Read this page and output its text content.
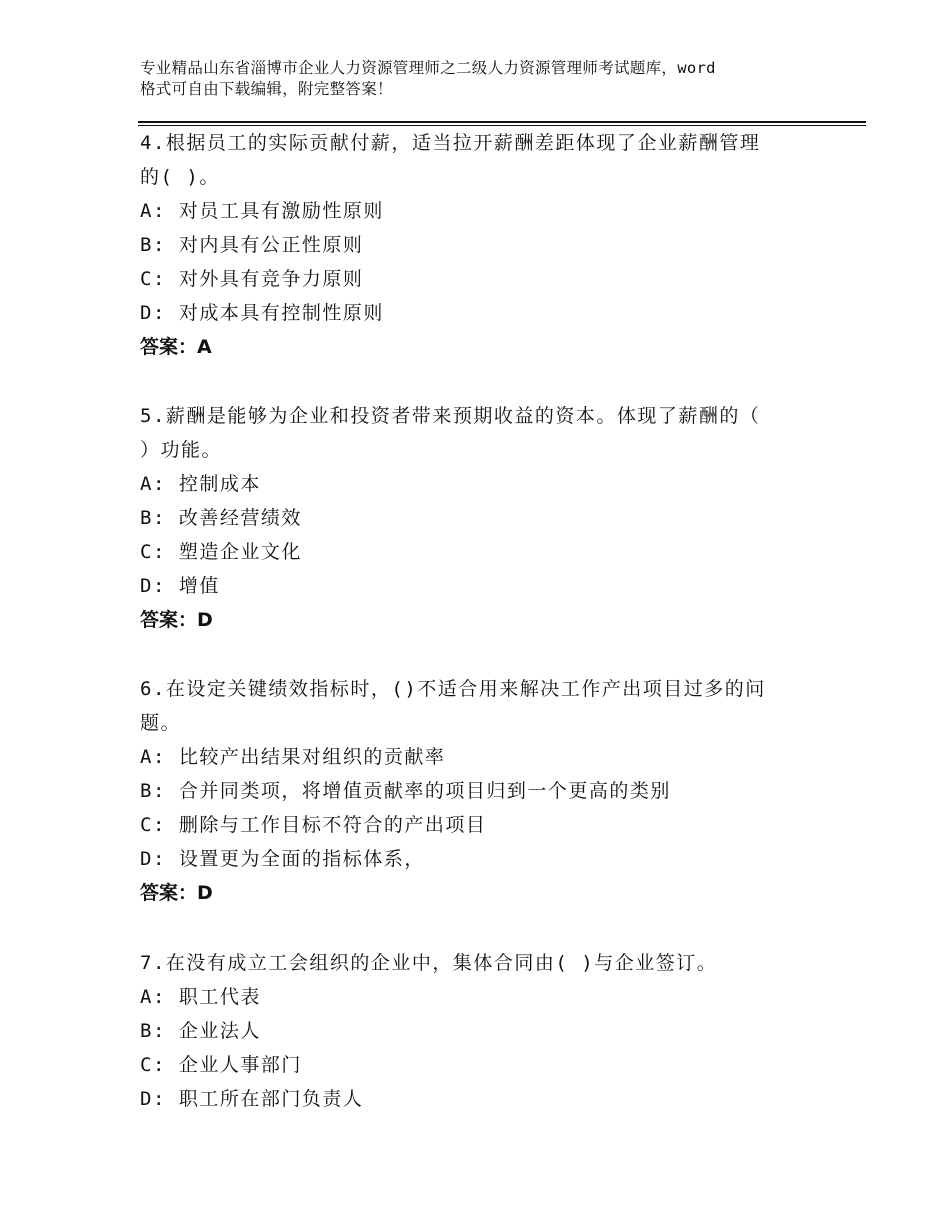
专业精品山东省淄博市企业人力资源管理师之二级人力资源管理师考试题库，word
格式可自由下载编辑，附完整答案！

4.根据员工的实际贡献付薪，适当拉开薪酬差距体现了企业薪酬管理

的( )。

A: 对员工具有激励性原则

B: 对内具有公正性原则

C: 对外具有竞争力原则

D: 对成本具有控制性原则

答案：A

5.薪酬是能够为企业和投资者带来预期收益的资本。体现了薪酬的（

）功能。

A: 控制成本

B: 改善经营绩效

C: 塑造企业文化

D: 增值

答案：D

6.在设定关键绩效指标时，()不适合用来解决工作产出项目过多的问

题。

A: 比较产出结果对组织的贡献率

B: 合并同类项，将增值贡献率的项目归到一个更高的类别

C: 删除与工作目标不符合的产出项目

D: 设置更为全面的指标体系，

答案：D

7.在没有成立工会组织的企业中，集体合同由( )与企业签订。

A: 职工代表

B: 企业法人

C: 企业人事部门

D: 职工所在部门负责人
